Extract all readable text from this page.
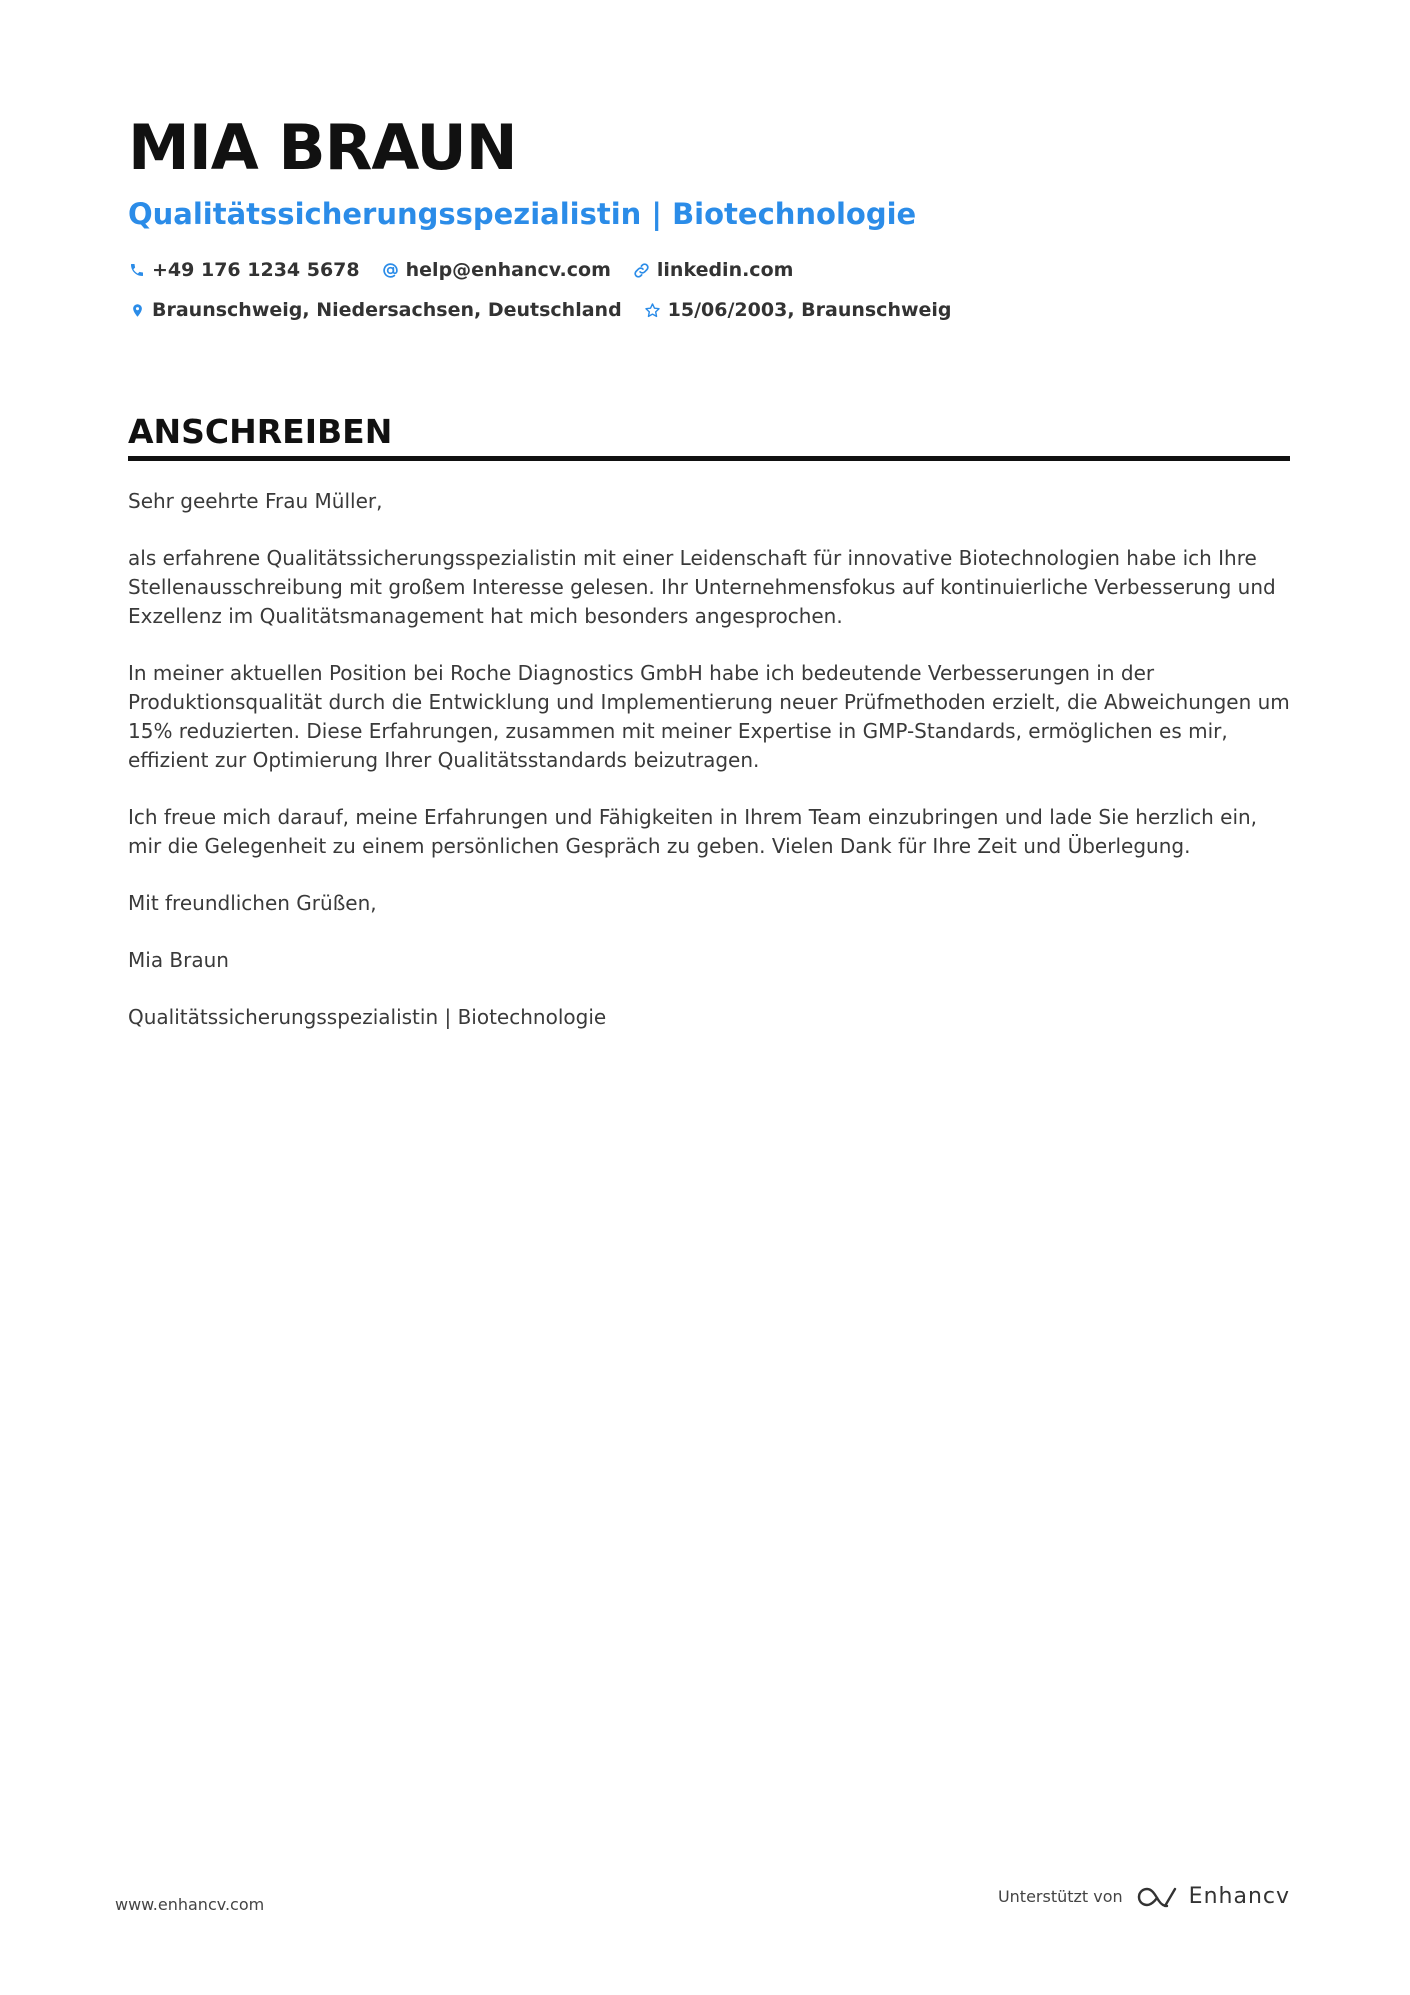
MIA BRAUN
Qualitätssicherungsspezialistin | Biotechnologie
+49 176 1234 5678 help@enhancv.com linkedin.com
Braunschweig, Niedersachsen, Deutschland 15/06/2003, Braunschweig
ANSCHREIBEN

Sehr geehrte Frau Müller,

als erfahrene Qualitätssicherungsspezialistin mit einer Leidenschaft für innovative Biotechnologien habe ich Ihre Stellenausschreibung mit großem Interesse gelesen. Ihr Unternehmensfokus auf kontinuierliche Verbesserung und Exzellenz im Qualitätsmanagement hat mich besonders angesprochen.

In meiner aktuellen Position bei Roche Diagnostics GmbH habe ich bedeutende Verbesserungen in der Produktionsqualität durch die Entwicklung und Implementierung neuer Prüfmethoden erzielt, die Abweichungen um 15% reduzierten. Diese Erfahrungen, zusammen mit meiner Expertise in GMP-Standards, ermöglichen es mir, effizient zur Optimierung Ihrer Qualitätsstandards beizutragen.

Ich freue mich darauf, meine Erfahrungen und Fähigkeiten in Ihrem Team einzubringen und lade Sie herzlich ein, mir die Gelegenheit zu einem persönlichen Gespräch zu geben. Vielen Dank für Ihre Zeit und Überlegung.

Mit freundlichen Grüßen,

Mia Braun

Qualitätssicherungsspezialistin | Biotechnologie

www.enhancv.com	Unterstützt von	Enhancv
